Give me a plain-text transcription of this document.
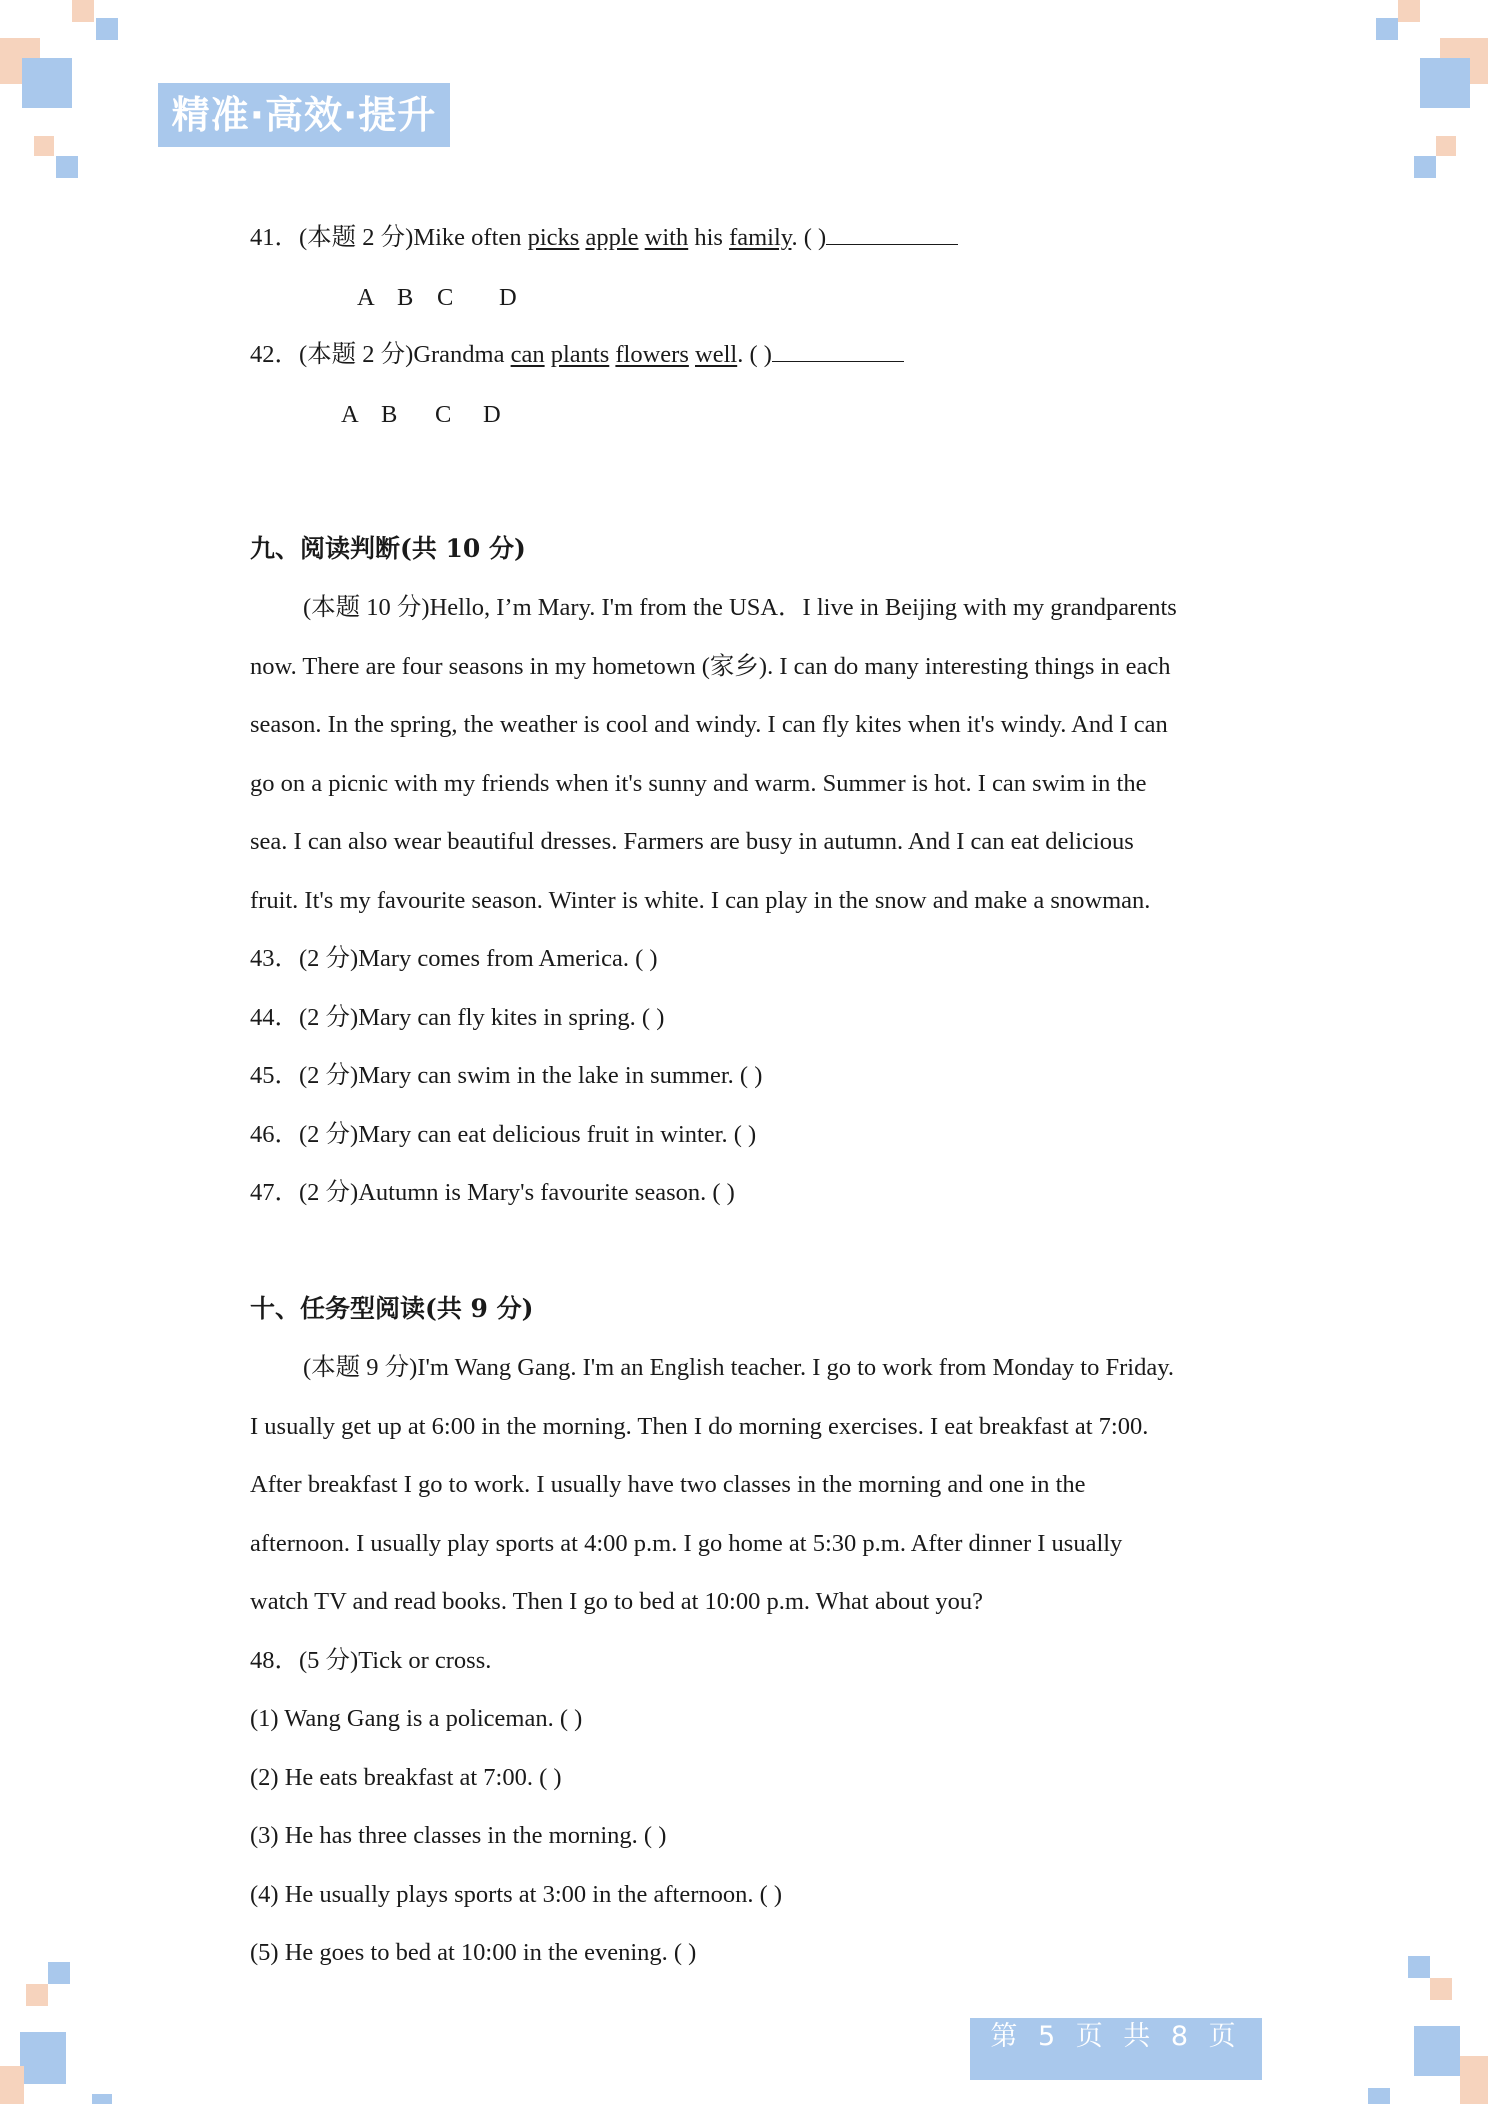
精准·高效·提升
41．(本题 2 分)Mike often picks apple with his family. ( )
A B C D
42．(本题 2 分)Grandma can plants flowers well. ( )
A B C D
九、阅读判断(共 10 分)
(本题 10 分)Hello, I’m Mary. I'm from the USA．I live in Beijing with my grandparents
now. There are four seasons in my hometown (家乡). I can do many interesting things in each
season. In the spring, the weather is cool and windy. I can fly kites when it's windy. And I can
go on a picnic with my friends when it's sunny and warm. Summer is hot. I can swim in the
sea. I can also wear beautiful dresses. Farmers are busy in autumn. And I can eat delicious
fruit. It's my favourite season. Winter is white. I can play in the snow and make a snowman.
43．(2 分)Mary comes from America. ( )
44．(2 分)Mary can fly kites in spring. ( )
45．(2 分)Mary can swim in the lake in summer. ( )
46．(2 分)Mary can eat delicious fruit in winter. ( )
47．(2 分)Autumn is Mary's favourite season. ( )
十、任务型阅读(共 9 分)
(本题 9 分)I'm Wang Gang. I'm an English teacher. I go to work from Monday to Friday.
I usually get up at 6:00 in the morning. Then I do morning exercises. I eat breakfast at 7:00.
After breakfast I go to work. I usually have two classes in the morning and one in the
afternoon. I usually play sports at 4:00 p.m. I go home at 5:30 p.m. After dinner I usually
watch TV and read books. Then I go to bed at 10:00 p.m. What about you?
48．(5 分)Tick or cross.
(1) Wang Gang is a policeman. ( )
(2) He eats breakfast at 7:00. ( )
(3) He has three classes in the morning. ( )
(4) He usually plays sports at 3:00 in the afternoon. ( )
(5) He goes to bed at 10:00 in the evening. ( )
第 5 页 共 8 页
